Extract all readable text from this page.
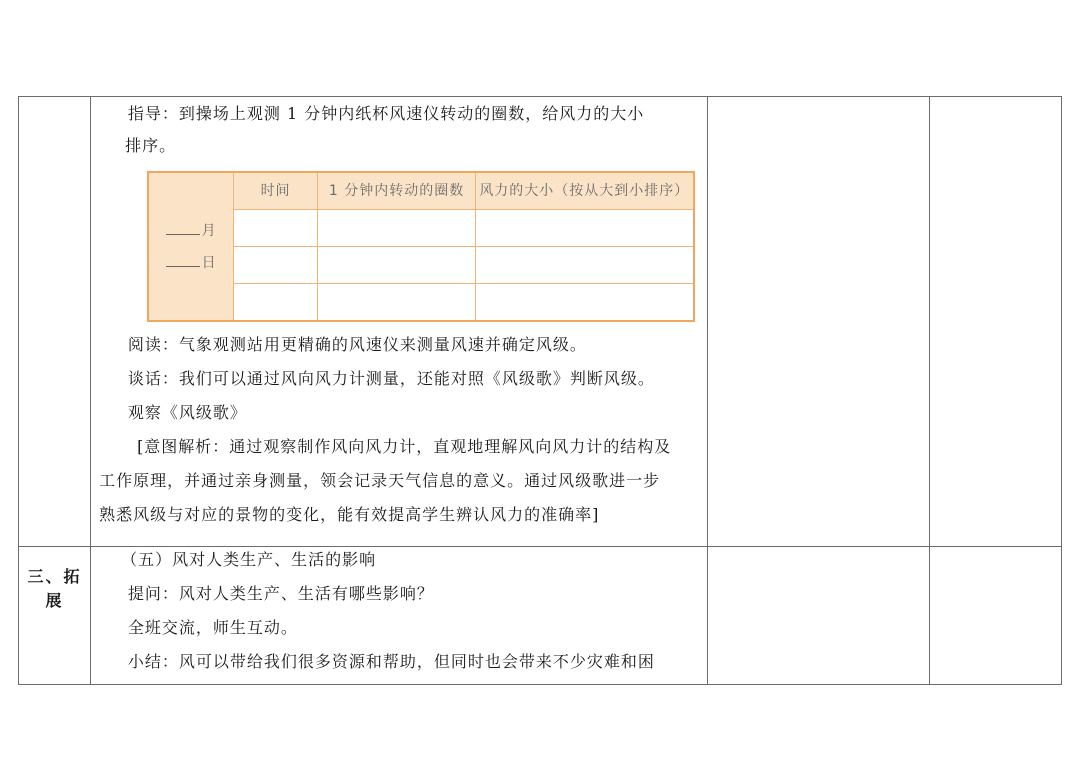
指导：到操场上观测 1 分钟内纸杯风速仪转动的圈数，给风力的大小

排序。

月
日
	时间	1 分钟内转动的圈数	风力的大小（按从大到小排序）

阅读：气象观测站用更精确的风速仪来测量风速并确定风级。

谈话：我们可以通过风向风力计测量，还能对照《风级歌》判断风级。

观察《风级歌》

[意图解析：通过观察制作风向风力计，直观地理解风向风力计的结构及

工作原理，并通过亲身测量，领会记录天气信息的意义。通过风级歌进一步

熟悉风级与对应的景物的变化，能有效提高学生辨认风力的准确率]

三、拓
展

（五）风对人类生产、生活的影响

提问：风对人类生产、生活有哪些影响？

全班交流，师生互动。

小结：风可以带给我们很多资源和帮助，但同时也会带来不少灾难和困
